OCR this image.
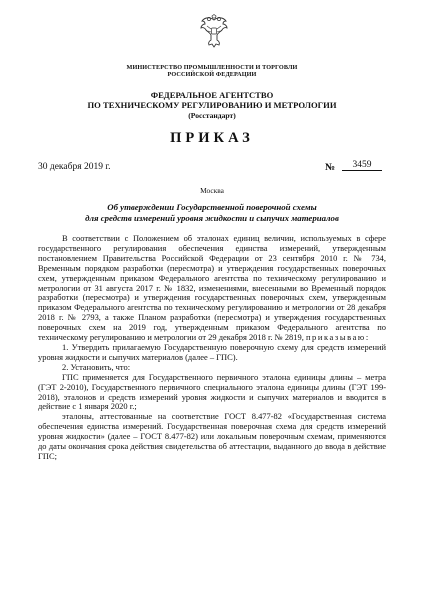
МИНИСТЕРСТВО ПРОМЫШЛЕННОСТИ И ТОРГОВЛИ
РОССИЙСКОЙ ФЕДЕРАЦИИ
ФЕДЕРАЛЬНОЕ АГЕНТСТВО
ПО ТЕХНИЧЕСКОМУ РЕГУЛИРОВАНИЮ И МЕТРОЛОГИИ
(Росстандарт)
ПРИКАЗ
30 декабря 2019 г.	№	3459
Москва
Об утверждении Государственной поверочной схемы
для средств измерений уровня жидкости и сыпучих материалов

В соответствии с Положением об эталонах единиц величин, используемых в сфере государственного регулирования обеспечения единства измерений, утвержденным постановлением Правительства Российской Федерации от 23 сентября 2010 г. № 734, Временным порядком разработки (пересмотра) и утверждения государственных поверочных схем, утвержденным приказом Федерального агентства по техническому регулированию и метрологии от 31 августа 2017 г. № 1832, изменениями, внесенными во Временный порядок разработки (пересмотра) и утверждения государственных поверочных схем, утвержденным приказом Федерального агентства по техническому регулированию и метрологии от 28 декабря 2018 г. № 2793, а также Планом разработки (пересмотра) и утверждения государственных поверочных схем на 2019 год, утвержденным приказом Федерального агентства по техническому регулированию и метрологии от 29 декабря 2018 г. № 2819, приказываю:

1. Утвердить прилагаемую Государственную поверочную схему для средств измерений уровня жидкости и сыпучих материалов (далее – ГПС).

2. Установить, что:

ГПС применяется для Государственного первичного эталона единицы длины – метра (ГЭТ 2-2010), Государственного первичного специального эталона единицы длины (ГЭТ 199-2018), эталонов и средств измерений уровня жидкости и сыпучих материалов и вводится в действие с 1 января 2020 г.;

эталоны, аттестованные на соответствие ГОСТ 8.477-82 «Государственная система обеспечения единства измерений. Государственная поверочная схема для средств измерений уровня жидкости» (далее – ГОСТ 8.477-82) или локальным поверочным схемам, применяются до даты окончания срока действия свидетельства об аттестации, выданного до ввода в действие ГПС;
